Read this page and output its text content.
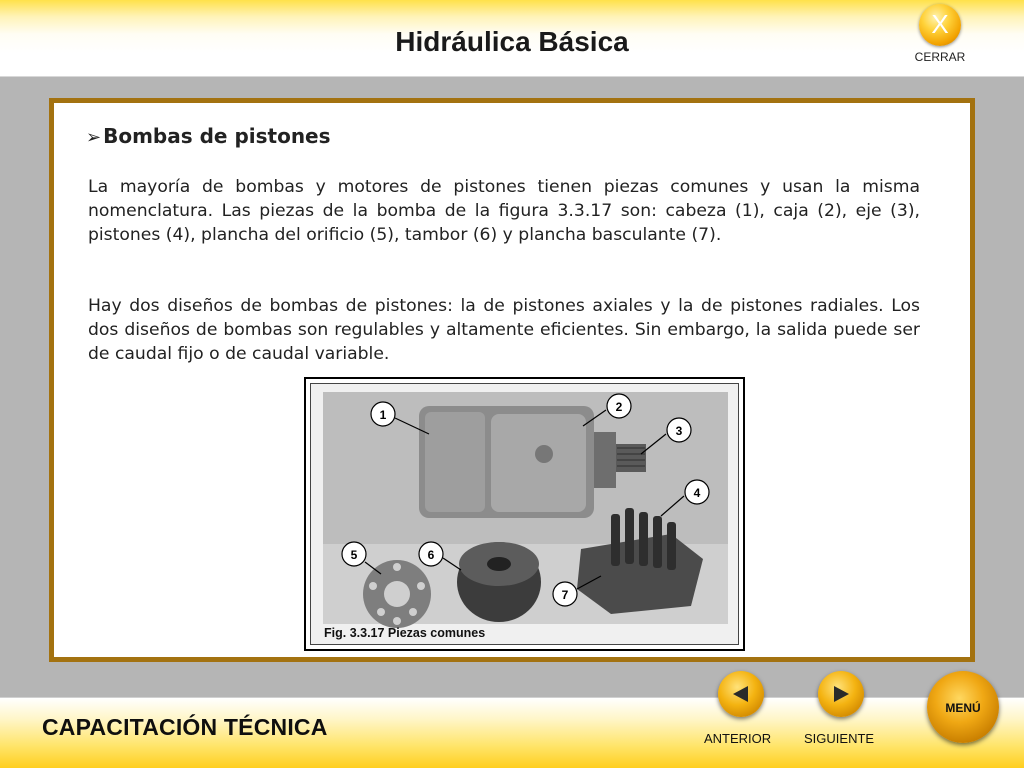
Hidráulica Básica
X
CERRAR
➢ Bombas de pistones
La mayoría de bombas y motores de pistones tienen piezas comunes y usan la misma nomenclatura. Las piezas de la bomba de la figura 3.3.17 son: cabeza (1), caja (2), eje (3), pistones (4), plancha del orificio (5), tambor (6) y plancha basculante (7).
Hay dos diseños de bombas de pistones: la de pistones axiales y la de pistones radiales. Los dos diseños de bombas son regulables y altamente eficientes. Sin embargo, la salida puede ser de caudal fijo o de caudal variable.
1
2
3
4
5	6
7
Fig. 3.3.17 Piezas comunes
CAPACITACIÓN TÉCNICA	ANTERIOR	SIGUIENTE
MENÚ
